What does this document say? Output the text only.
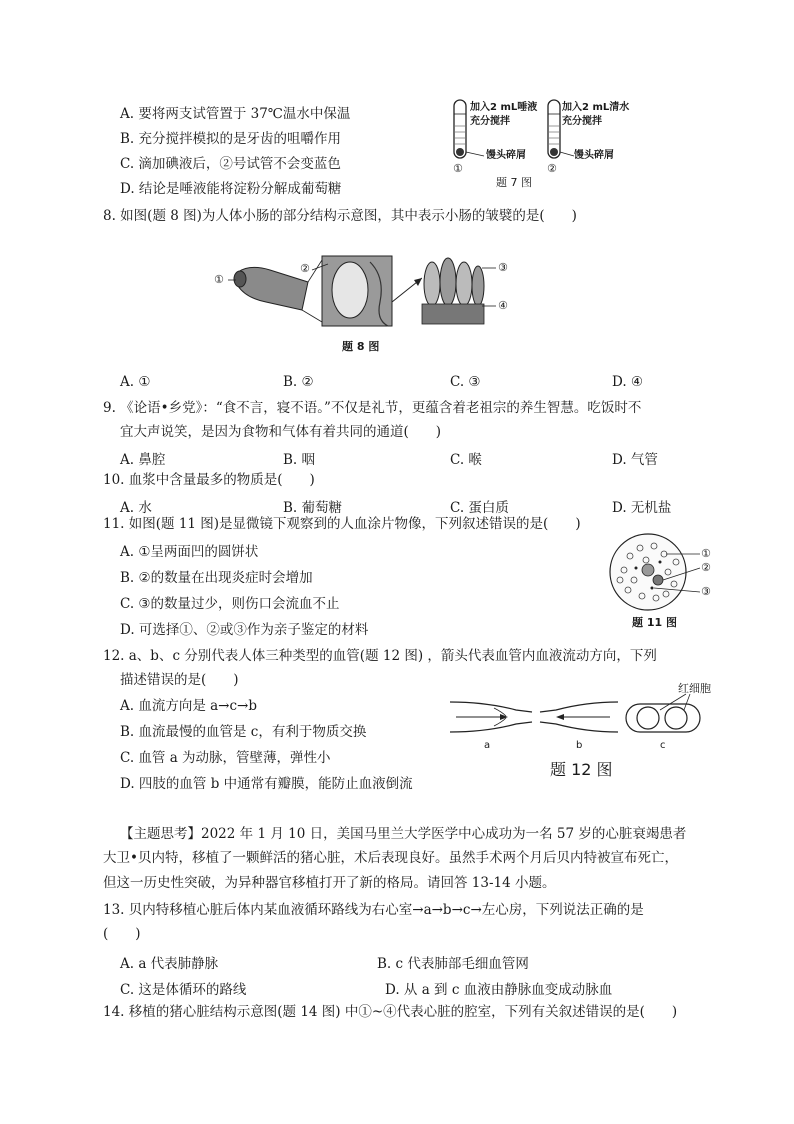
A. 要将两支试管置于 37℃温水中保温
B. 充分搅拌模拟的是牙齿的咀嚼作用
C. 滴加碘液后，②号试管不会变蓝色
D. 结论是唾液能将淀粉分解成葡萄糖
加入2 mL唾液
充分搅拌
馒头碎屑
①
加入2 mL清水
充分搅拌
馒头碎屑
②
题 7 图
8. 如图(题 8 图)为人体小肠的部分结构示意图，其中表示小肠的皱襞的是(　　)
①
②	③
④
题 8 图
A. ①	B. ②	C. ③	D. ④
9. 《论语•乡党》：“食不言，寝不语。”不仅是礼节，更蕴含着老祖宗的养生智慧。吃饭时不
宜大声说笑，是因为食物和气体有着共同的通道(　　)
A. 鼻腔	B. 咽	C. 喉	D. 气管
10. 血浆中含量最多的物质是(　　)
A. 水	B. 葡萄糖	C. 蛋白质	D. 无机盐
11. 如图(题 11 图)是显微镜下观察到的人血涂片物像，下列叙述错误的是(　　)
A. ①呈两面凹的圆饼状
B. ②的数量在出现炎症时会增加
C. ③的数量过少，则伤口会流血不止
D. 可选择①、②或③作为亲子鉴定的材料
①
②
③
题 11 图
12. a、b、c 分别代表人体三种类型的血管(题 12 图) ，箭头代表血管内血液流动方向，下列
描述错误的是(　　)
A. 血流方向是 a→c→b
B. 血流最慢的血管是 c，有利于物质交换
C. 血管 a 为动脉，管壁薄，弹性小
D. 四肢的血管 b 中通常有瓣膜，能防止血液倒流
红细胞
a	b	c
题 12 图
【主题思考】2022 年 1 月 10 日，美国马里兰大学医学中心成功为一名 57 岁的心脏衰竭患者
大卫•贝内特，移植了一颗鲜活的猪心脏，术后表现良好。虽然手术两个月后贝内特被宣布死亡，
但这一历史性突破，为异种器官移植打开了新的格局。请回答 13-14 小题。
13. 贝内特移植心脏后体内某血液循环路线为右心室→a→b→c→左心房，下列说法正确的是
(　　)
A. a 代表肺静脉	B. c 代表肺部毛细血管网
C. 这是体循环的路线	D. 从 a 到 c 血液由静脉血变成动脉血
14. 移植的猪心脏结构示意图(题 14 图) 中①~④代表心脏的腔室，下列有关叙述错误的是(　　)
